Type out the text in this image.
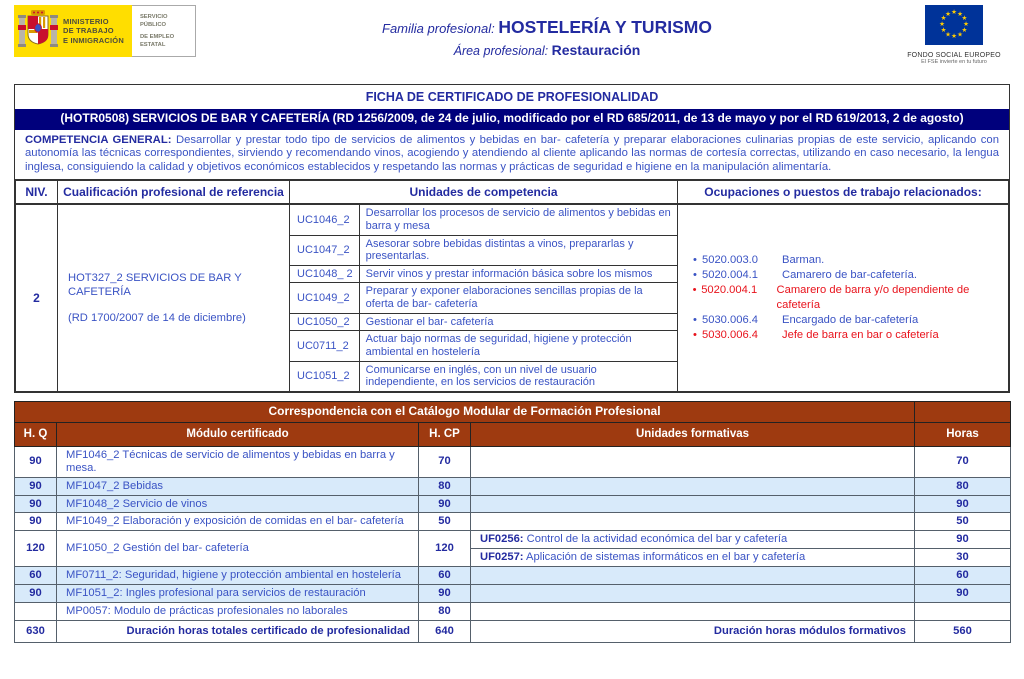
MINISTERIO
DE TRABAJO
E INMIGRACIÓN
SERVICIO PÚBLICO
DE EMPLEO ESTATAL
Familia profesional: HOSTELERÍA Y TURISMO
Área profesional: Restauración
★ ★
★
★
★
★
★
★
★
★
★
★
FONDO SOCIAL EUROPEO
El FSE invierte en tu futuro
FICHA DE CERTIFICADO DE PROFESIONALIDAD
(HOTR0508) SERVICIOS DE BAR Y CAFETERÍA (RD 1256/2009, de 24 de julio, modificado por el RD 685/2011, de 13 de mayo y por el RD 619/2013, 2 de agosto)
COMPETENCIA GENERAL: Desarrollar y prestar todo tipo de servicios de alimentos y bebidas en bar- cafetería y preparar elaboraciones culinarias propias de este servicio, aplicando con autonomía las técnicas correspondientes, sirviendo y recomendando vinos, acogiendo y atendiendo al cliente aplicando las normas de cortesía correctas, utilizando en caso necesario, la lengua inglesa, consiguiendo la calidad y objetivos económicos establecidos y respetando las normas y prácticas de seguridad e higiene en la manipulación alimentaría.
NIV.	Cualificación profesional de referencia	Unidades de competencia	Ocupaciones o puestos de trabajo relacionados:
2	
HOT327_2 SERVICIOS DE BAR Y CAFETERÍA
(RD 1700/2007 de 14 de diciembre)

UC1046_2	Desarrollar los procesos de servicio de alimentos y bebidas en barra y mesa
UC1047_2	Asesorar sobre bebidas distintas a vinos, prepararlas y presentarlas.
UC1048_ 2	Servir vinos y prestar información básica sobre los mismos
UC1049_2	Preparar y exponer elaboraciones sencillas propias de la oferta de bar- cafetería
UC1050_2	Gestionar el bar- cafetería
UC0711_2	Actuar bajo normas de seguridad, higiene y protección ambiental en hostelería
UC1051_2	Comunicarse en inglés, con un nivel de usuario independiente, en los servicios de restauración

• 5020.003.0	Barman.
• 5020.004.1	Camarero de bar-cafetería.
• 5020.004.1	Camarero de barra y/o dependiente de cafetería
• 5030.006.4	Encargado de bar-cafetería
• 5030.006.4	Jefe de barra en bar o cafetería
Correspondencia con el Catálogo Modular de Formación Profesional				
H. Q	Módulo certificado	H. CP	Unidades formativas	Horas
90	MF1046_2 Técnicas de servicio de alimentos y bebidas en barra y mesa.	70		70
90	MF1047_2 Bebidas	80		80
90	MF1048_2 Servicio de vinos	90		90
90	MF1049_2 Elaboración y exposición de comidas en el bar- cafetería	50		50
120	MF1050_2 Gestión del bar- cafetería	120	UF0256: Control de la actividad económica del bar y cafetería	90
			UF0257: Aplicación de sistemas informáticos en el bar y cafetería	30
60	MF0711_2: Seguridad, higiene y protección ambiental en hostelería	60		60
90	MF1051_2: Ingles profesional para servicios de restauración	90		90
	MP0057: Modulo de prácticas profesionales no laborales	80		
630	Duración horas totales certificado de profesionalidad	640	Duración horas módulos formativos	560
